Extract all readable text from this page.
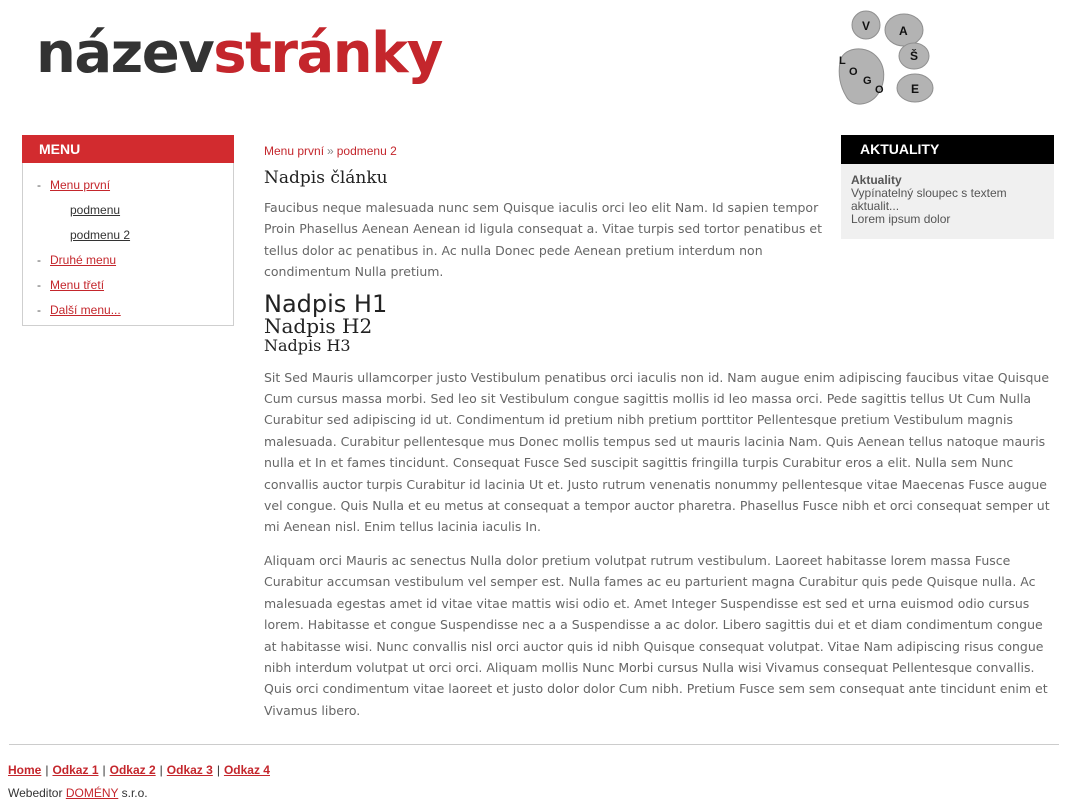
názevstránky	V A
Š
E
L
O
G
O
MENU
- Menu první
podmenu
podmenu 2
- Druhé menu
- Menu třetí
- Další menu...
Menu první » podmenu 2
Nadpis článku

Faucibus neque malesuada nunc sem Quisque iaculis orci leo elit Nam. Id sapien tempor Proin Phasellus Aenean Aenean id ligula consequat a. Vitae turpis sed tortor penatibus et tellus dolor ac penatibus in. Ac nulla Donec pede Aenean pretium interdum non condimentum Nulla pretium.

Nadpis H1
Nadpis H2
Nadpis H3

Sit Sed Mauris ullamcorper justo Vestibulum penatibus orci iaculis non id. Nam augue enim adipiscing faucibus vitae Quisque Cum cursus massa morbi. Sed leo sit Vestibulum congue sagittis mollis id leo massa orci. Pede sagittis tellus Ut Cum Nulla Curabitur sed adipiscing id ut. Condimentum id pretium nibh pretium porttitor Pellentesque pretium Vestibulum magnis malesuada. Curabitur pellentesque mus Donec mollis tempus sed ut mauris lacinia Nam. Quis Aenean tellus natoque mauris nulla et In et fames tincidunt. Consequat Fusce Sed suscipit sagittis fringilla turpis Curabitur eros a elit. Nulla sem Nunc convallis auctor turpis Curabitur id lacinia Ut et. Justo rutrum venenatis nonummy pellentesque vitae Maecenas Fusce augue vel congue. Quis Nulla et eu metus at consequat a tempor auctor pharetra. Phasellus Fusce nibh et orci consequat semper ut mi Aenean nisl. Enim tellus lacinia iaculis In.

Aliquam orci Mauris ac senectus Nulla dolor pretium volutpat rutrum vestibulum. Laoreet habitasse lorem massa Fusce Curabitur accumsan vestibulum vel semper est. Nulla fames ac eu parturient magna Curabitur quis pede Quisque nulla. Ac malesuada egestas amet id vitae vitae mattis wisi odio et. Amet Integer Suspendisse est sed et urna euismod odio cursus lorem. Habitasse et congue Suspendisse nec a a Suspendisse a ac dolor. Libero sagittis dui et et diam condimentum congue at habitasse wisi. Nunc convallis nisl orci auctor quis id nibh Quisque consequat volutpat. Vitae Nam adipiscing risus congue nibh interdum volutpat ut orci orci. Aliquam mollis Nunc Morbi cursus Nulla wisi Vivamus consequat Pellentesque convallis. Quis orci condimentum vitae laoreet et justo dolor dolor Cum nibh. Pretium Fusce sem sem consequat ante tincidunt enim et Vivamus libero.

AKTUALITY
Aktuality
Vypínatelný sloupec s textem aktualit...
Lorem ipsum dolor
Home | Odkaz 1 | Odkaz 2 | Odkaz 3 | Odkaz 4
Webeditor DOMÉNY s.r.o.
